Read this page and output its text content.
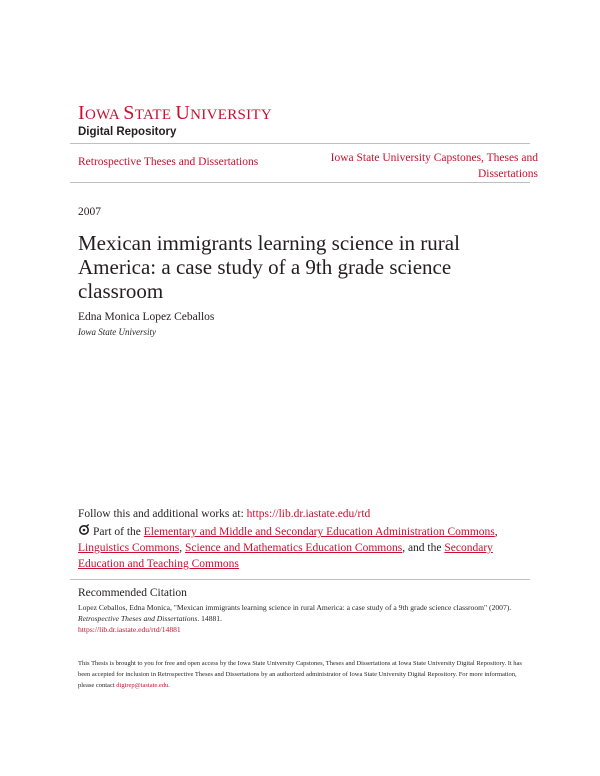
IOWA STATE UNIVERSITY
Digital Repository
Retrospective Theses and Dissertations	Iowa State University Capstones, Theses and Dissertations
2007
Mexican immigrants learning science in rural America: a case study of a 9th grade science classroom
Edna Monica Lopez Ceballos
Iowa State University
Follow this and additional works at: https://lib.dr.iastate.edu/rtd
Part of the Elementary and Middle and Secondary Education Administration Commons, Linguistics Commons, Science and Mathematics Education Commons, and the Secondary Education and Teaching Commons
Recommended Citation
Lopez Ceballos, Edna Monica, "Mexican immigrants learning science in rural America: a case study of a 9th grade science classroom" (2007). Retrospective Theses and Dissertations. 14881.
https://lib.dr.iastate.edu/rtd/14881
This Thesis is brought to you for free and open access by the Iowa State University Capstones, Theses and Dissertations at Iowa State University Digital Repository. It has been accepted for inclusion in Retrospective Theses and Dissertations by an authorized administrator of Iowa State University Digital Repository. For more information, please contact digirep@iastate.edu.
